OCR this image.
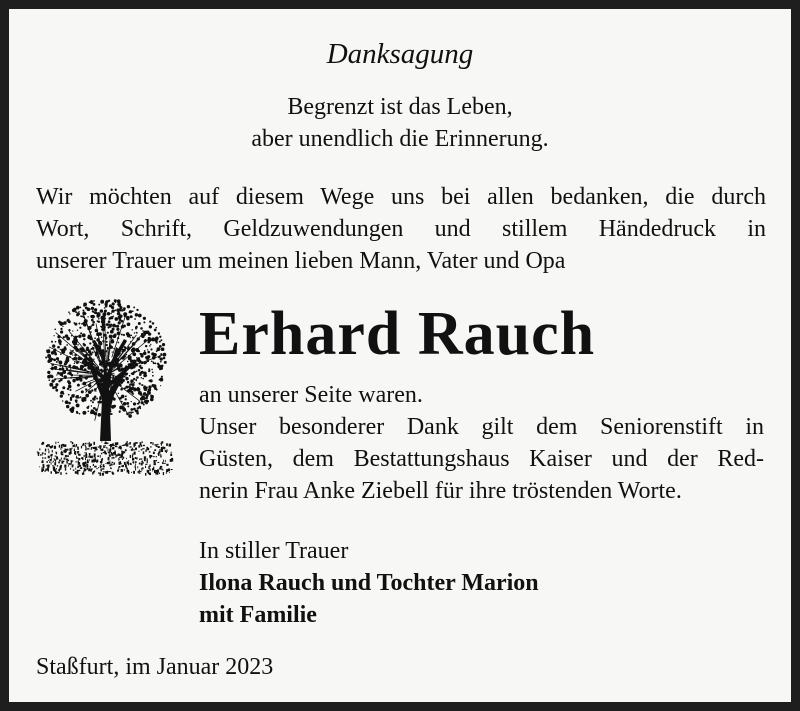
Danksagung
Begrenzt ist das Leben,
aber unendlich die Erinnerung.
Wir möchten auf diesem Wege uns bei allen bedanken, die durch
Wort, Schrift, Geldzuwendungen und stillem Händedruck in
unserer Trauer um meinen lieben Mann, Vater und Opa
Erhard Rauch
an unserer Seite waren.
Unser besonderer Dank gilt dem Seniorenstift in
Güsten, dem Bestattungshaus Kaiser und der Red-
nerin Frau Anke Ziebell für ihre tröstenden Worte.
In stiller Trauer
Ilona Rauch und Tochter Marion
mit Familie
Staßfurt, im Januar 2023
